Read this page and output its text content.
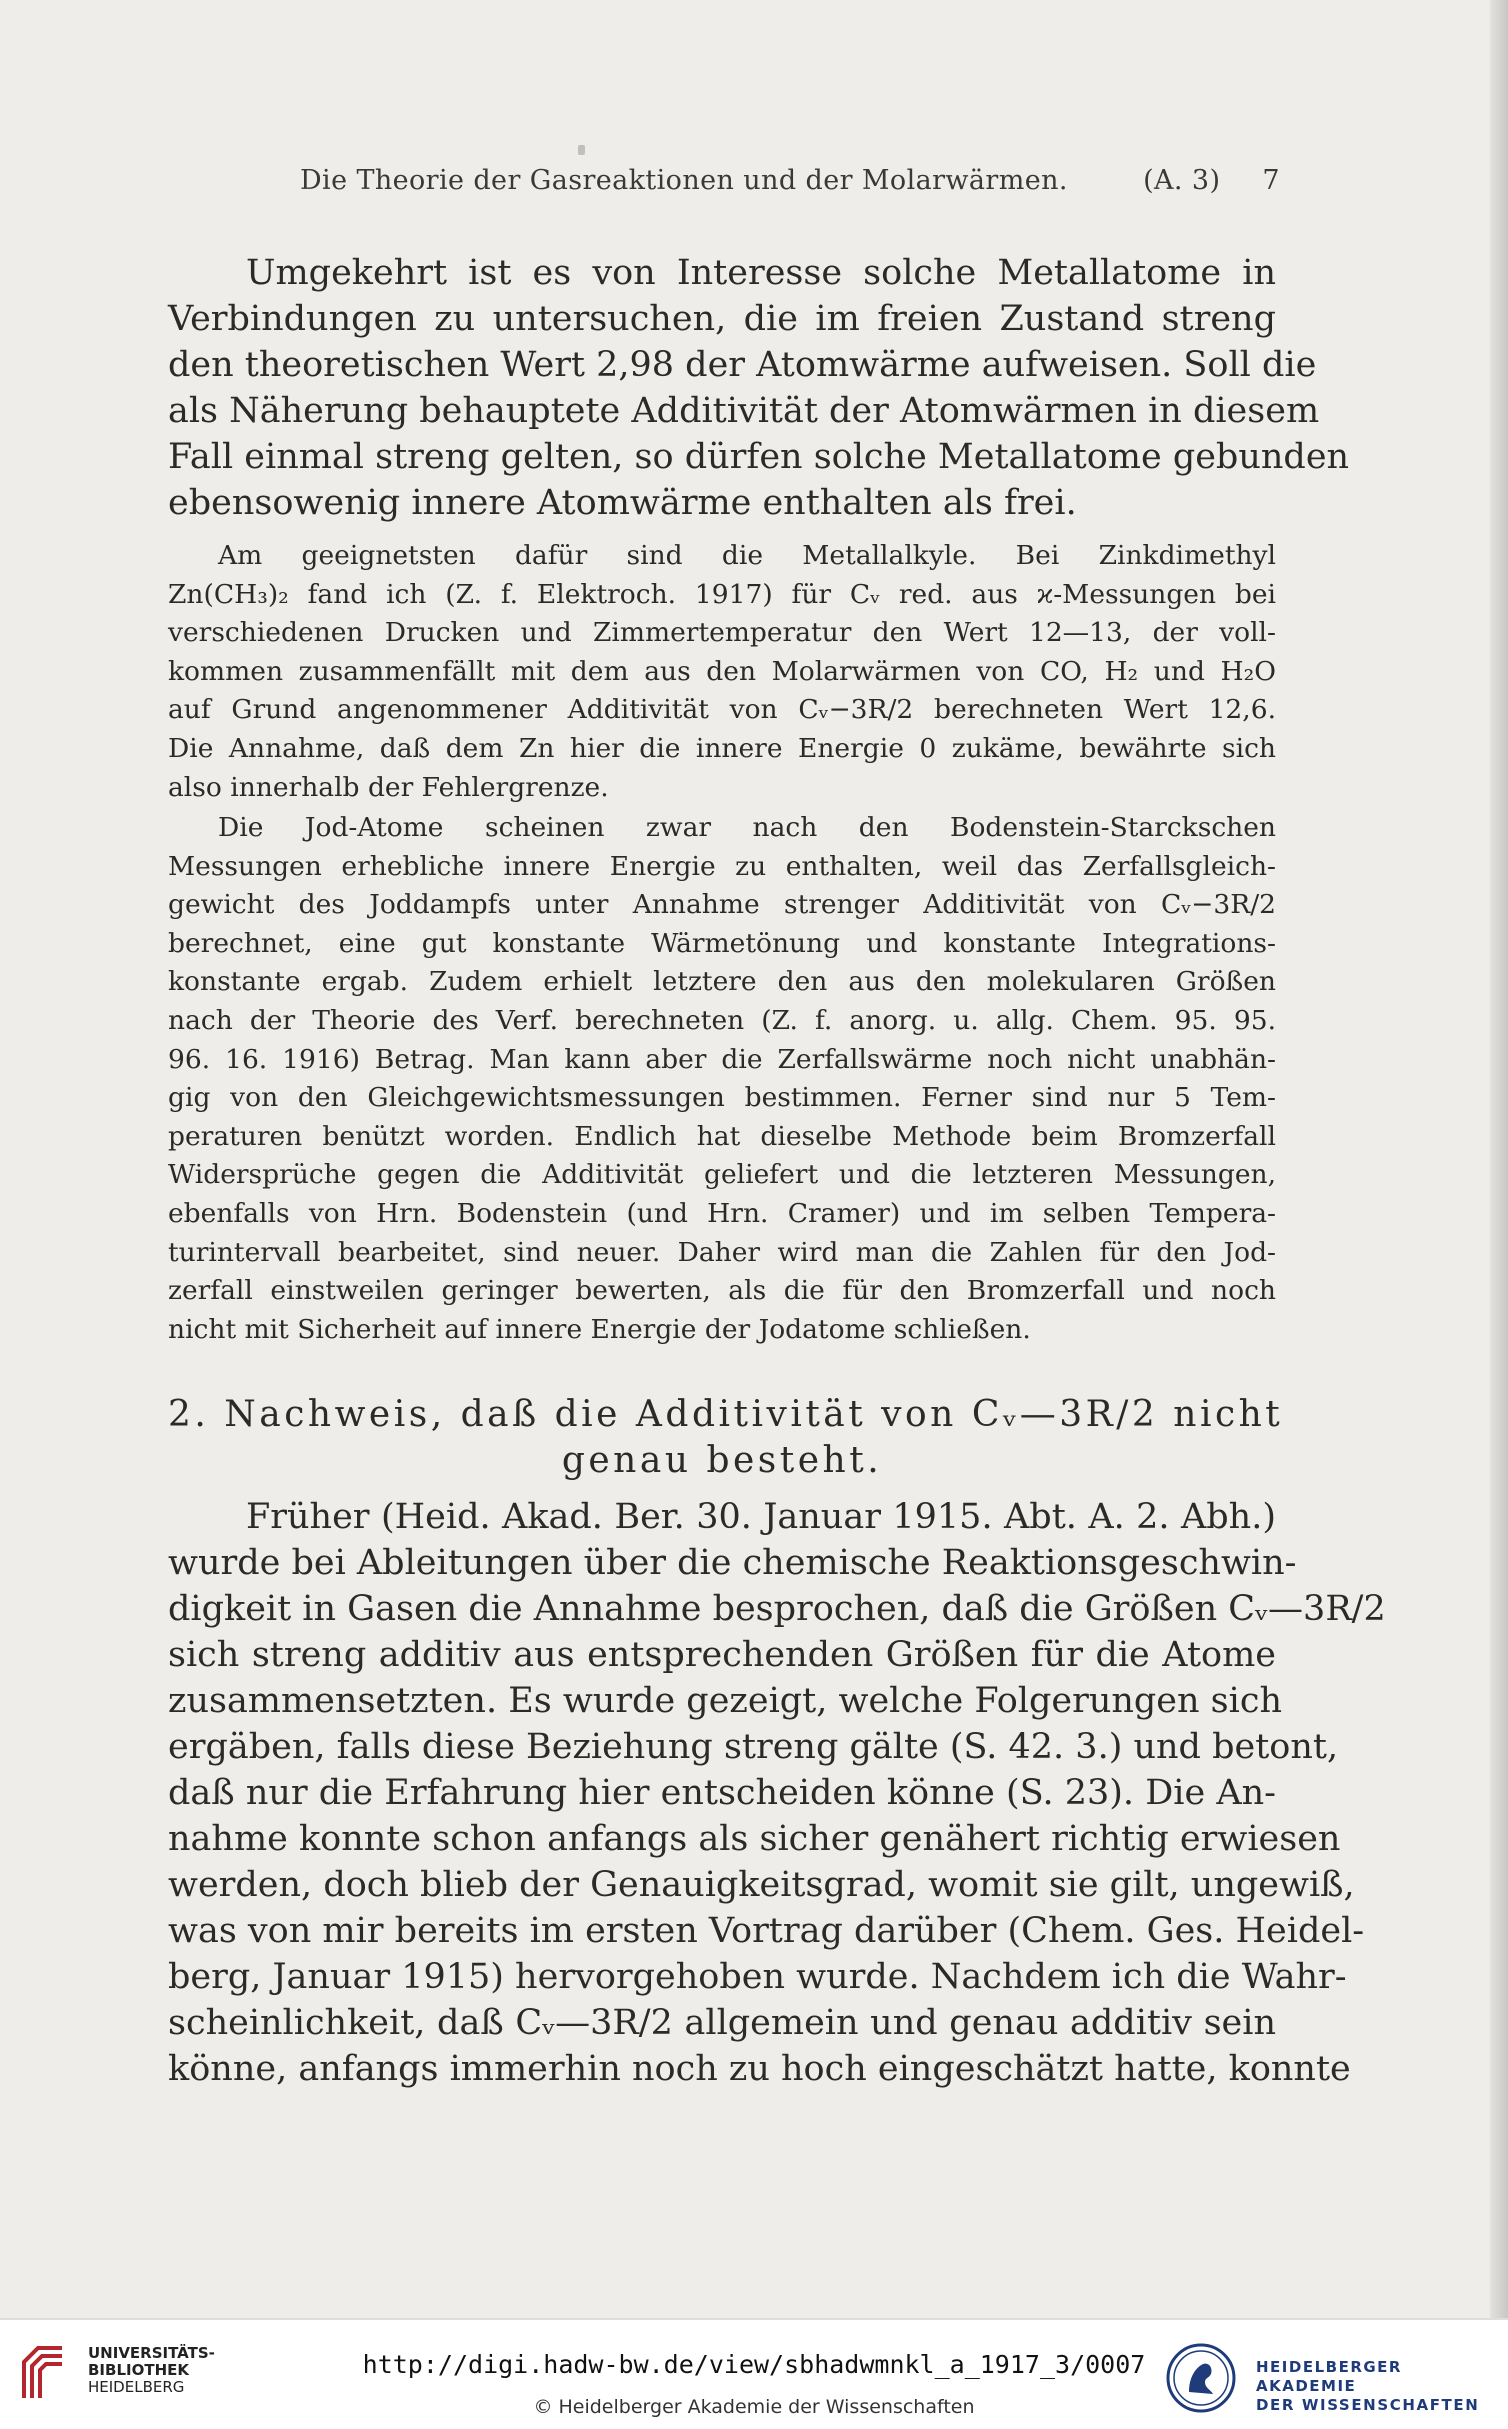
Die Theorie der Gasreaktionen und der Molarwärmen.	(A. 3) 7
Umgekehrt ist es von Interesse solche Metallatome in
Verbindungen zu untersuchen, die im freien Zustand streng
den theoretischen Wert 2,98 der Atomwärme aufweisen. Soll die
als Näherung behauptete Additivität der Atomwärmen in diesem
Fall einmal streng gelten, so dürfen solche Metallatome gebunden
ebensowenig innere Atomwärme enthalten als frei.
Am geeignetsten dafür sind die Metallalkyle. Bei Zinkdimethyl
Zn(CH₃)₂ fand ich (Z. f. Elektroch. 1917) für Cᵥ red. aus ϰ-Messungen bei
verschiedenen Drucken und Zimmertemperatur den Wert 12—13, der voll-
kommen zusammenfällt mit dem aus den Molarwärmen von CO, H₂ und H₂O
auf Grund angenommener Additivität von Cᵥ−3R/2 berechneten Wert 12,6.
Die Annahme, daß dem Zn hier die innere Energie 0 zukäme, bewährte sich
also innerhalb der Fehlergrenze.
Die Jod-Atome scheinen zwar nach den Bodenstein-Starckschen
Messungen erhebliche innere Energie zu enthalten, weil das Zerfallsgleich-
gewicht des Joddampfs unter Annahme strenger Additivität von Cᵥ−3R/2
berechnet, eine gut konstante Wärmetönung und konstante Integrations-
konstante ergab. Zudem erhielt letztere den aus den molekularen Größen
nach der Theorie des Verf. berechneten (Z. f. anorg. u. allg. Chem. 95. 95.
96. 16. 1916) Betrag. Man kann aber die Zerfallswärme noch nicht unabhän-
gig von den Gleichgewichtsmessungen bestimmen. Ferner sind nur 5 Tem-
peraturen benützt worden. Endlich hat dieselbe Methode beim Bromzerfall
Widersprüche gegen die Additivität geliefert und die letzteren Messungen,
ebenfalls von Hrn. Bodenstein (und Hrn. Cramer) und im selben Tempera-
turintervall bearbeitet, sind neuer. Daher wird man die Zahlen für den Jod-
zerfall einstweilen geringer bewerten, als die für den Bromzerfall und noch
nicht mit Sicherheit auf innere Energie der Jodatome schließen.
2. Nachweis, daß die Additivität von Cᵥ—3R/2 nicht
genau besteht.
Früher (Heid. Akad. Ber. 30. Januar 1915. Abt. A. 2. Abh.)
wurde bei Ableitungen über die chemische Reaktionsgeschwin-
digkeit in Gasen die Annahme besprochen, daß die Größen Cᵥ—3R/2
sich streng additiv aus entsprechenden Größen für die Atome
zusammensetzten. Es wurde gezeigt, welche Folgerungen sich
ergäben, falls diese Beziehung streng gälte (S. 42. 3.) und betont,
daß nur die Erfahrung hier entscheiden könne (S. 23). Die An-
nahme konnte schon anfangs als sicher genähert richtig erwiesen
werden, doch blieb der Genauigkeitsgrad, womit sie gilt, ungewiß,
was von mir bereits im ersten Vortrag darüber (Chem. Ges. Heidel-
berg, Januar 1915) hervorgehoben wurde. Nachdem ich die Wahr-
scheinlichkeit, daß Cᵥ—3R/2 allgemein und genau additiv sein
könne, anfangs immerhin noch zu hoch eingeschätzt hatte, konnte
UNIVERSITÄTS-
BIBLIOTHEK
HEIDELBERG
http://digi.hadw-bw.de/view/sbhadwmnkl_a_1917_3/0007
© Heidelberger Akademie der Wissenschaften
HEIDELBERGER AKADEMIE
DER WISSENSCHAFTEN
